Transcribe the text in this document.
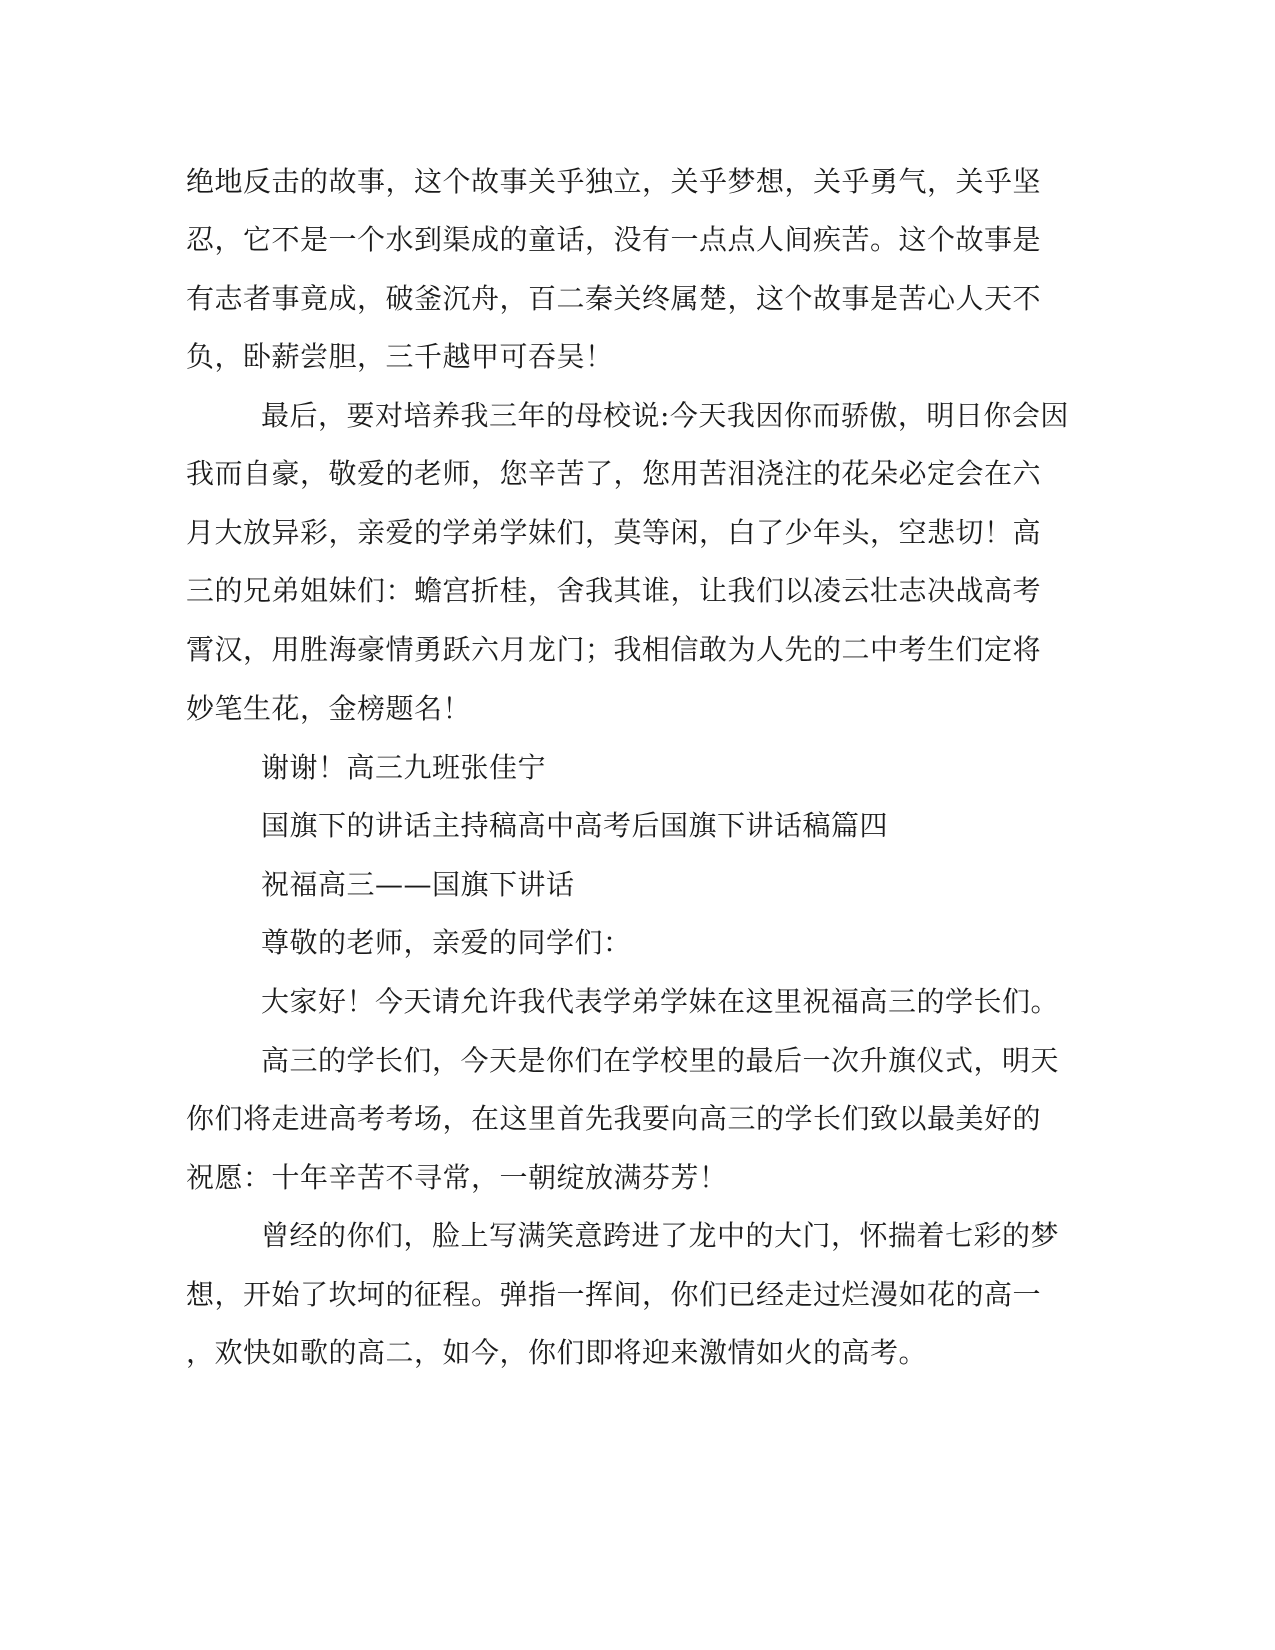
绝地反击的故事，这个故事关乎独立，关乎梦想，关乎勇气，关乎坚
忍，它不是一个水到渠成的童话，没有一点点人间疾苦。这个故事是
有志者事竟成，破釜沉舟，百二秦关终属楚，这个故事是苦心人天不
负，卧薪尝胆，三千越甲可吞吴！
最后，要对培养我三年的母校说:今天我因你而骄傲，明日你会因
我而自豪，敬爱的老师，您辛苦了，您用苦泪浇注的花朵必定会在六
月大放异彩，亲爱的学弟学妹们，莫等闲，白了少年头，空悲切！高
三的兄弟姐妹们：蟾宫折桂，舍我其谁，让我们以凌云壮志决战高考
霄汉，用胜海豪情勇跃六月龙门；我相信敢为人先的二中考生们定将
妙笔生花，金榜题名！
谢谢！高三九班张佳宁
国旗下的讲话主持稿高中高考后国旗下讲话稿篇四
祝福高三——国旗下讲话
尊敬的老师，亲爱的同学们：
大家好！今天请允许我代表学弟学妹在这里祝福高三的学长们。
高三的学长们，今天是你们在学校里的最后一次升旗仪式，明天
你们将走进高考考场，在这里首先我要向高三的学长们致以最美好的
祝愿：十年辛苦不寻常，一朝绽放满芬芳！
曾经的你们，脸上写满笑意跨进了龙中的大门，怀揣着七彩的梦
想，开始了坎坷的征程。弹指一挥间，你们已经走过烂漫如花的高一
，欢快如歌的高二，如今，你们即将迎来激情如火的高考。
